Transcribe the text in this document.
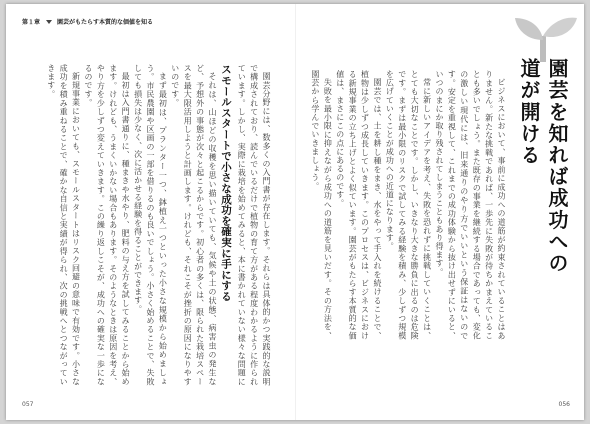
第１章	園芸がもたらす本質的な価値を知る

園芸分野には、数多くの入門書が存在します。それらは具体的かつ実践的な説明で構成されており、読んでいるだけで植物の育て方がある程度わかるように作られています。しかし、実際に栽培を始めてみると、本に書かれていない様々な問題に

スモールスタートで小さな成功を確実に手にする

それは、山ほどの収穫を思い描いていても、気候や土の状態、病害虫の発生など、予想外の事態が次々と起こるからです。初心者の多くは、限られた栽培スペースを最大限活用しようと計画します。けれども、それこそが挫折の原因になりやすいのです。

まず最初は、プランター一つ、鉢植え一つといった小さな規模から始めましょう。市民農園や区画の一部を借りるのも良いでしょう。小さく始めることで、失敗しても損失は少なく、次に活かせる経験を得ることができます。

最初は入門書通りに、種まきや水やり、肥料の与え方を試してみることから始めます。けれども、うまくいかない場合もあります。そのようなときは原因を考え、やり方を少しずつ変えていきます。この繰り返しこそが、成功への確実な一歩になるのです。

新規事業においても、スモールスタートはリスク回避の意味で有効です。小さな成功を積み重ねることで、確かな自信と実績が得られ、次の挑戦へとつながっていきます。

057
園芸を知れば成功への
道が開ける

ビジネスにおいて、事前に成功への道筋が約束されていることはありません。新たな挑戦であれば、一歩先に失敗が待ちかまえていることも多いでしょう。また既存の事業を継続する場合であっても、変化の激しい現代には、旧来通りのやり方でいいという保証はないのです。安定を重視して、これまでの成功体験から抜け出せずにいると、いつのまにか取り残されてしまうこともあり得ます。

常に新しいアイデアを考え、失敗を恐れずに挑戦していくことは、とても大切なことです。しかし、いきなり大きな勝負に出るのは危険です。まずは最小限のリスクで試してみる経験を積み、少しずつ規模を広げていくことが成功への近道になります。

園芸では、土を耕し種をまき、水をやって手入れを続けることで、植物は少しずつ成長していきます。このプロセスは、ビジネスにおける新規事業の立ち上げとよく似ています。園芸がもたらす本質的な価値は、まさにこの点にあるのです。

失敗を最小限に抑えながら成功への道筋を見いだす。その方法を、園芸から学んでいきましょう。

056
